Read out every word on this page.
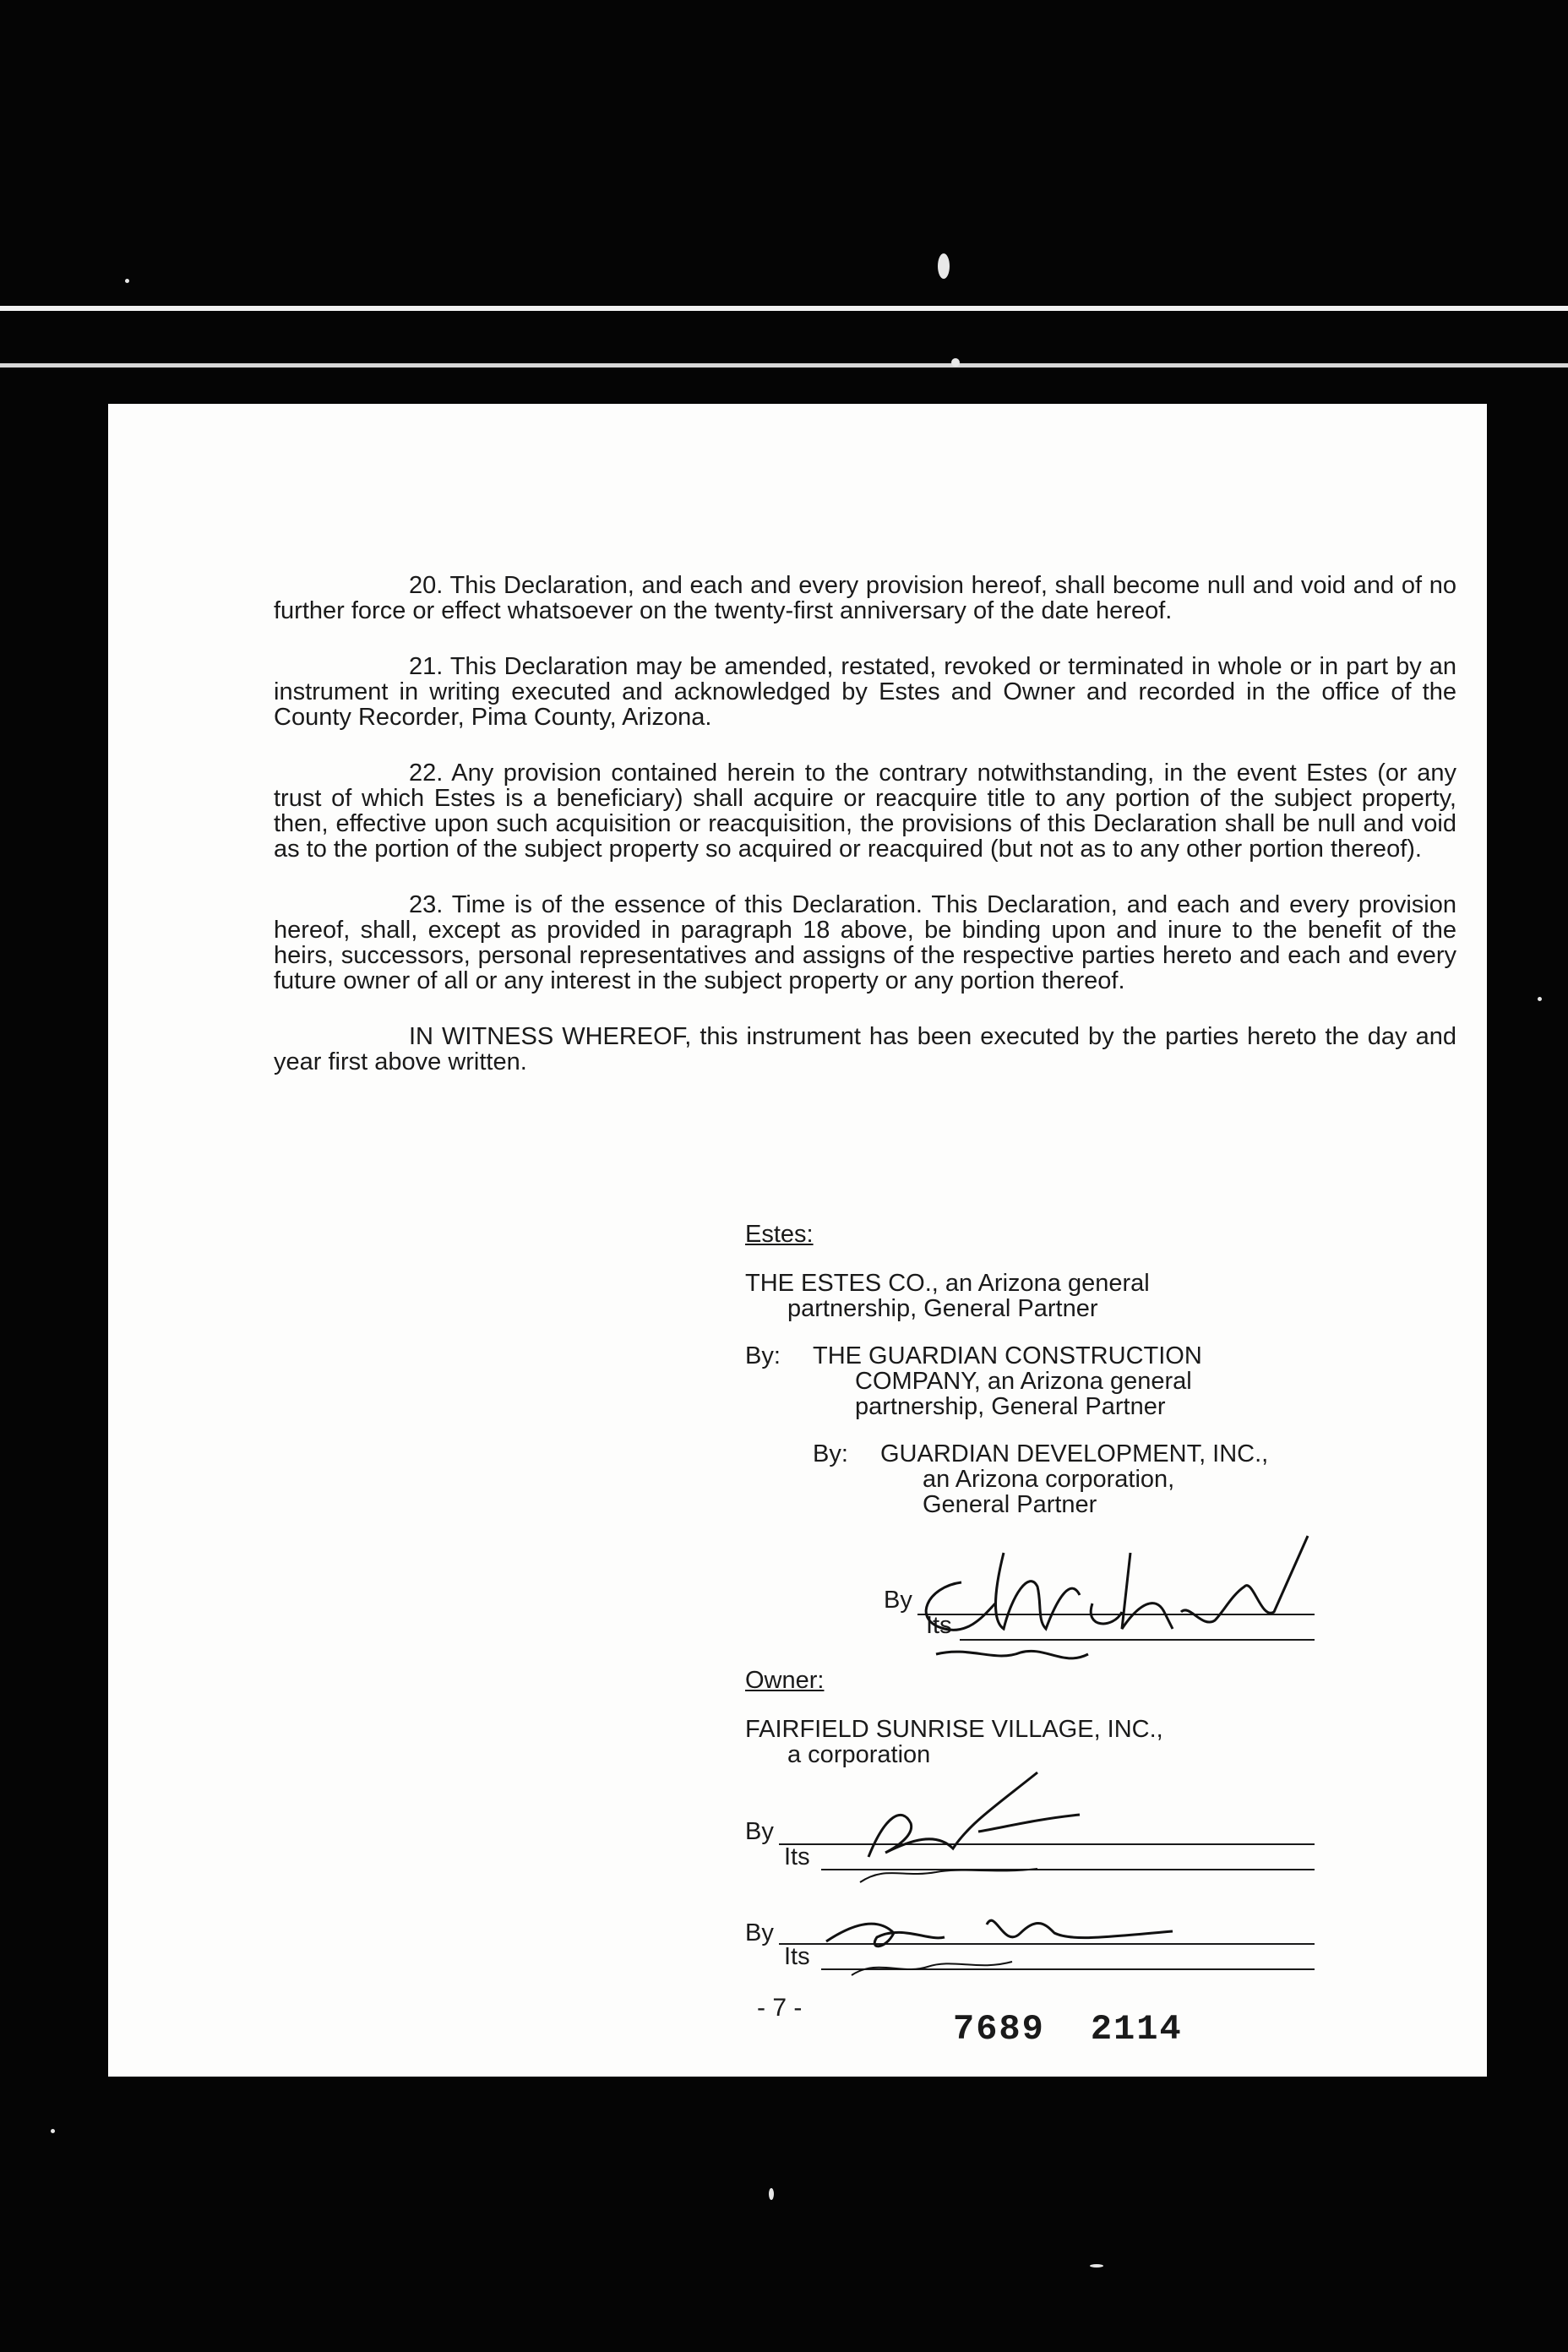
20. This Declaration, and each and every provision hereof, shall become null and void and of no further force or effect whatsoever on the twenty-first anniversary of the date hereof.

21. This Declaration may be amended, restated, revoked or terminated in whole or in part by an instrument in writing executed and acknowledged by Estes and Owner and recorded in the office of the County Recorder, Pima County, Arizona.

22. Any provision contained herein to the contrary notwithstanding, in the event Estes (or any trust of which Estes is a beneficiary) shall acquire or reacquire title to any portion of the subject property, then, effective upon such acquisition or reacquisition, the provisions of this Declaration shall be null and void as to the portion of the subject property so acquired or reacquired (but not as to any other portion thereof).

23. Time is of the essence of this Declaration. This Declaration, and each and every provision hereof, shall, except as provided in paragraph 18 above, be binding upon and inure to the benefit of the heirs, successors, personal representatives and assigns of the respective parties hereto and each and every future owner of all or any interest in the subject property or any portion thereof.

IN WITNESS WHEREOF, this instrument has been executed by the parties hereto the day and year first above written.

Estes:
THE ESTES CO., an Arizona general
partnership, General Partner
By:	THE GUARDIAN CONSTRUCTION
COMPANY, an Arizona general
partnership, General Partner
By:	GUARDIAN DEVELOPMENT, INC.,
an Arizona corporation,
General Partner
By
Its
Owner:
FAIRFIELD SUNRISE VILLAGE, INC.,
a corporation
By
Its
By
Its
- 7 -
7689 2114
